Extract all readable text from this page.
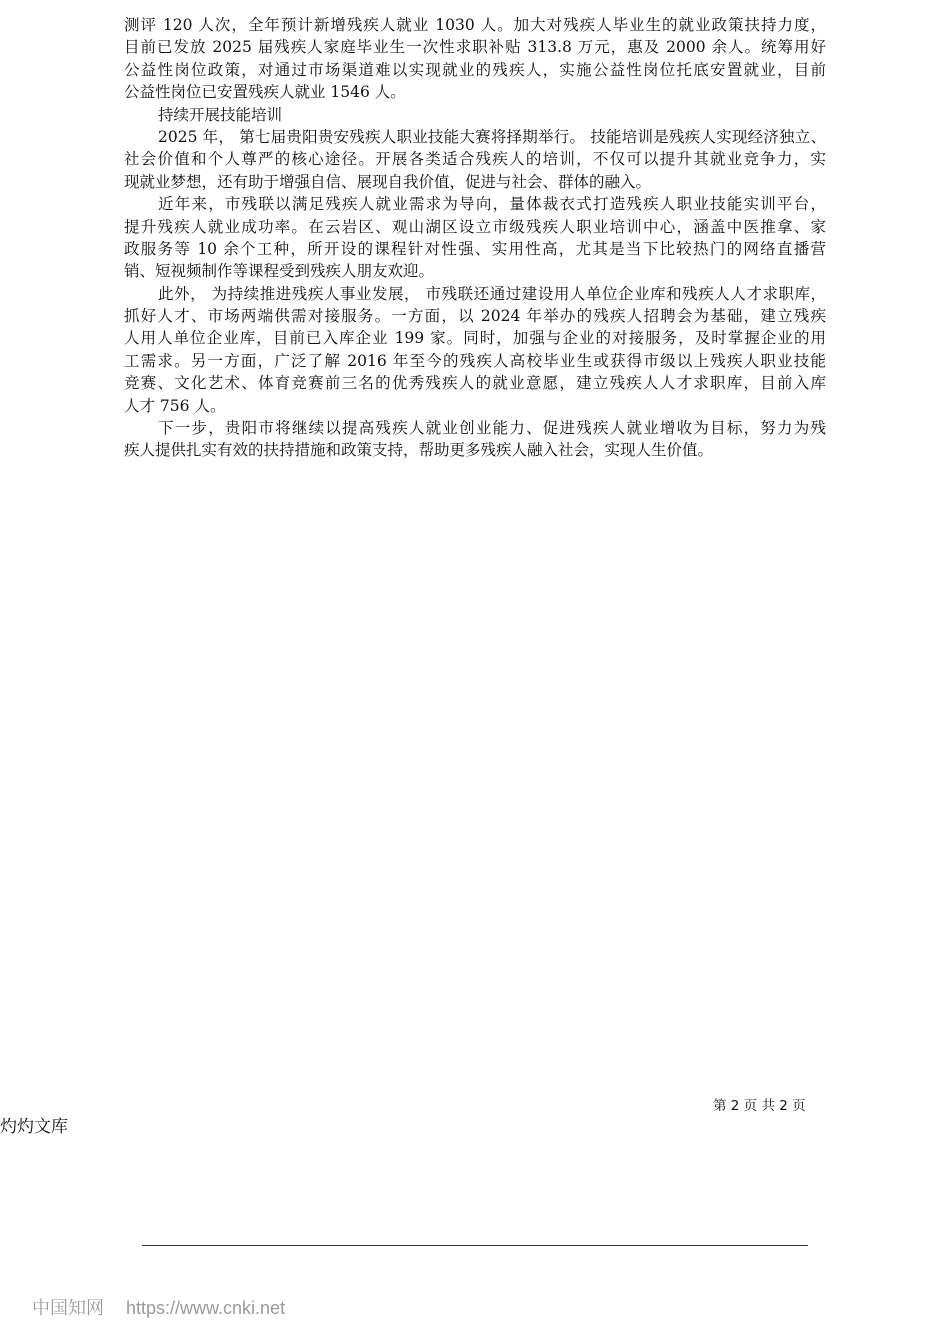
测评 120 人次，全年预计新增残疾人就业 1030 人。加大对残疾人毕业生的就业政策扶持力度，
目前已发放 2025 届残疾人家庭毕业生一次性求职补贴 313.8 万元，惠及 2000 余人。统筹用好
公益性岗位政策，对通过市场渠道难以实现就业的残疾人，实施公益性岗位托底安置就业，目前
公益性岗位已安置残疾人就业 1546 人。
持续开展技能培训
2025 年， 第七届贵阳贵安残疾人职业技能大赛将择期举行。 技能培训是残疾人实现经济独立、
社会价值和个人尊严的核心途径。开展各类适合残疾人的培训，不仅可以提升其就业竞争力，实
现就业梦想，还有助于增强自信、展现自我价值，促进与社会、群体的融入。
近年来，市残联以满足残疾人就业需求为导向，量体裁衣式打造残疾人职业技能实训平台，
提升残疾人就业成功率。在云岩区、观山湖区设立市级残疾人职业培训中心，涵盖中医推拿、家
政服务等 10 余个工种，所开设的课程针对性强、实用性高，尤其是当下比较热门的网络直播营
销、短视频制作等课程受到残疾人朋友欢迎。
此外， 为持续推进残疾人事业发展， 市残联还通过建设用人单位企业库和残疾人人才求职库，
抓好人才、市场两端供需对接服务。一方面，以 2024 年举办的残疾人招聘会为基础，建立残疾
人用人单位企业库，目前已入库企业 199 家。同时，加强与企业的对接服务，及时掌握企业的用
工需求。另一方面，广泛了解 2016 年至今的残疾人高校毕业生或获得市级以上残疾人职业技能
竞赛、文化艺术、体育竞赛前三名的优秀残疾人的就业意愿，建立残疾人人才求职库，目前入库
人才 756 人。
下一步，贵阳市将继续以提高残疾人就业创业能力、促进残疾人就业增收为目标，努力为残
疾人提供扎实有效的扶持措施和政策支持，帮助更多残疾人融入社会，实现人生价值。
第 2 页 共 2 页
灼灼文库
中国知网 https://www.cnki.net
